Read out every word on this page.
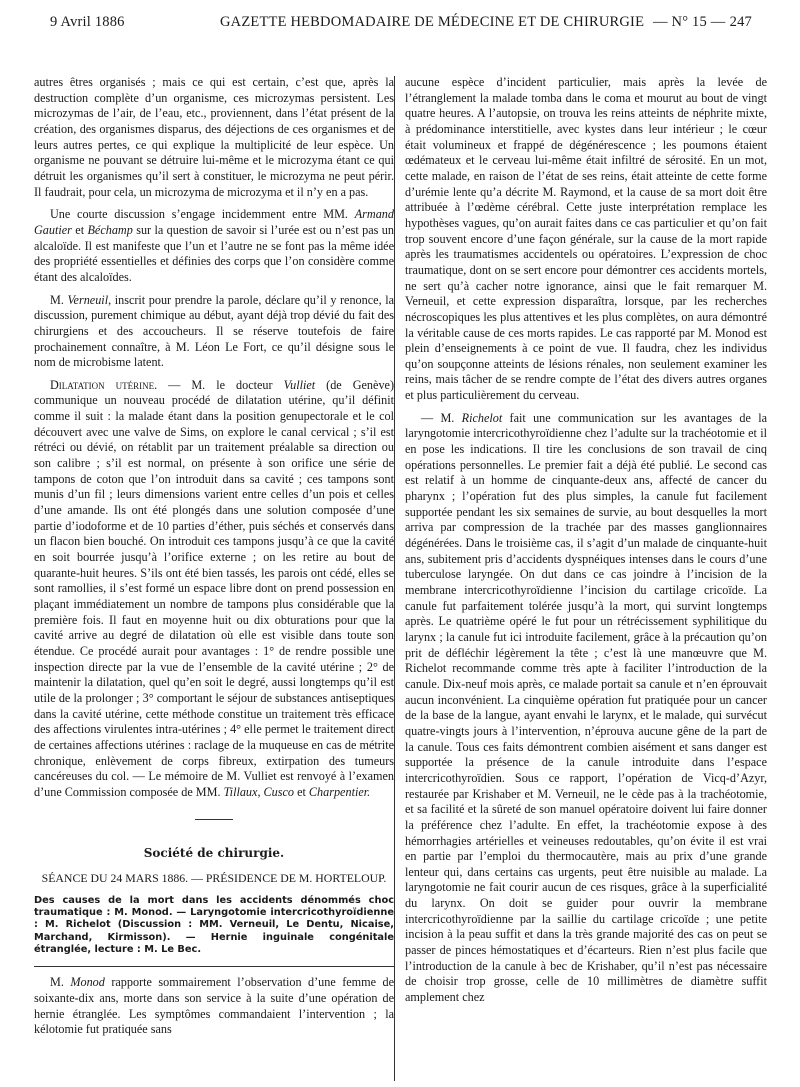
9 Avril 1886	GAZETTE HEBDOMADAIRE DE MÉDECINE ET DE CHIRURGIE — N° 15 — 247

autres êtres organisés ; mais ce qui est certain, c’est que, après la destruction complète d’un organisme, ces microzymas persistent. Les microzymas de l’air, de l’eau, etc., proviennent, dans l’état présent de la création, des organismes disparus, des déjections de ces organismes et de leurs autres pertes, ce qui explique la multiplicité de leur espèce. Un organisme ne pouvant se détruire lui-même et le microzyma étant ce qui détruit les organismes qu’il sert à constituer, le microzyma ne peut périr. Il faudrait, pour cela, un microzyma de microzyma et il n’y en a pas.

Une courte discussion s’engage incidemment entre MM. Armand Gautier et Béchamp sur la question de savoir si l’urée est ou n’est pas un alcaloïde. Il est manifeste que l’un et l’autre ne se font pas la même idée des propriété essentielles et définies des corps que l’on considère comme étant des alcaloïdes.

M. Verneuil, inscrit pour prendre la parole, déclare qu’il y renonce, la discussion, purement chimique au début, ayant déjà trop dévié du fait des chirurgiens et des accoucheurs. Il se réserve toutefois de faire prochainement connaître, à M. Léon Le Fort, ce qu’il désigne sous le nom de microbisme latent.

Dilatation utérine. — M. le docteur Vulliet (de Genève) communique un nouveau procédé de dilatation utérine, qu’il définit comme il suit : la malade étant dans la position genupectorale et le col découvert avec une valve de Sims, on explore le canal cervical ; s’il est rétréci ou dévié, on rétablit par un traitement préalable sa direction ou son calibre ; s’il est normal, on présente à son orifice une série de tampons de coton que l’on introduit dans sa cavité ; ces tampons sont munis d’un fil ; leurs dimensions varient entre celles d’un pois et celles d’une amande. Ils ont été plongés dans une solution composée d’une partie d’iodoforme et de 10 parties d’éther, puis séchés et conservés dans un flacon bien bouché. On introduit ces tampons jusqu’à ce que la cavité en soit bourrée jusqu’à l’orifice externe ; on les retire au bout de quarante-huit heures. S’ils ont été bien tassés, les parois ont cédé, elles se sont ramollies, il s’est formé un espace libre dont on prend possession en plaçant immédiatement un nombre de tampons plus considérable que la première fois. Il faut en moyenne huit ou dix obturations pour que la cavité arrive au degré de dilatation où elle est visible dans toute son étendue. Ce procédé aurait pour avantages : 1° de rendre possible une inspection directe par la vue de l’ensemble de la cavité utérine ; 2° de maintenir la dilatation, quel qu’en soit le degré, aussi longtemps qu’il est utile de la prolonger ; 3° comportant le séjour de substances antiseptiques dans la cavité utérine, cette méthode constitue un traitement très efficace des affections virulentes intra-utérines ; 4° elle permet le traitement direct de certaines affections utérines : raclage de la muqueuse en cas de métrite chronique, enlèvement de corps fibreux, extirpation des tumeurs cancéreuses du col. — Le mémoire de M. Vulliet est renvoyé à l’examen d’une Commission composée de MM. Tillaux, Cusco et Charpentier.

Société de chirurgie.
SÉANCE DU 24 MARS 1886. — PRÉSIDENCE DE M. HORTELOUP.
Des causes de la mort dans les accidents dénommés choc traumatique : M. Monod. — Laryngotomie intercricothyroïdienne : M. Richelot (Discussion : MM. Verneuil, Le Dentu, Nicaise, Marchand, Kirmisson). — Hernie inguinale congénitale étranglée, lecture : M. Le Bec.

M. Monod rapporte sommairement l’observation d’une femme de soixante-dix ans, morte dans son service à la suite d’une opération de hernie étranglée. Les symptômes commandaient l’intervention ; la kélotomie fut pratiquée sans

aucune espèce d’incident particulier, mais après la levée de l’étranglement la malade tomba dans le coma et mourut au bout de vingt quatre heures. A l’autopsie, on trouva les reins atteints de néphrite mixte, à prédominance interstitielle, avec kystes dans leur intérieur ; le cœur était volumineux et frappé de dégénérescence ; les poumons étaient œdémateux et le cerveau lui-même était infiltré de sérosité. En un mot, cette malade, en raison de l’état de ses reins, était atteinte de cette forme d’urémie lente qu’a décrite M. Raymond, et la cause de sa mort doit être attribuée à l’œdème cérébral. Cette juste interprétation remplace les hypothèses vagues, qu’on aurait faites dans ce cas particulier et qu’on fait trop souvent encore d’une façon générale, sur la cause de la mort rapide après les traumatismes accidentels ou opératoires. L’expression de choc traumatique, dont on se sert encore pour démontrer ces accidents mortels, ne sert qu’à cacher notre ignorance, ainsi que le fait remarquer M. Verneuil, et cette expression disparaîtra, lorsque, par les recherches nécroscopiques les plus attentives et les plus complètes, on aura démontré la véritable cause de ces morts rapides. Le cas rapporté par M. Monod est plein d’enseignements à ce point de vue. Il faudra, chez les individus qu’on soupçonne atteints de lésions rénales, non seulement examiner les reins, mais tâcher de se rendre compte de l’état des divers autres organes et plus particulièrement du cerveau.

— M. Richelot fait une communication sur les avantages de la laryngotomie intercricothyroïdienne chez l’adulte sur la trachéotomie et il en pose les indications. Il tire les conclusions de son travail de cinq opérations personnelles. Le premier fait a déjà été publié. Le second cas est relatif à un homme de cinquante-deux ans, affecté de cancer du pharynx ; l’opération fut des plus simples, la canule fut facilement supportée pendant les six semaines de survie, au bout desquelles la mort arriva par compression de la trachée par des masses ganglionnaires dégénérées. Dans le troisième cas, il s’agit d’un malade de cinquante-huit ans, subitement pris d’accidents dyspnéiques intenses dans le cours d’une tuberculose laryngée. On dut dans ce cas joindre à l’incision de la membrane intercricothyroïdienne l’incision du cartilage cricoïde. La canule fut parfaitement tolérée jusqu’à la mort, qui survint longtemps après. Le quatrième opéré le fut pour un rétrécissement syphilitique du larynx ; la canule fut ici introduite facilement, grâce à la précaution qu’on prit de défléchir légèrement la tête ; c’est là une manœuvre que M. Richelot recommande comme très apte à faciliter l’introduction de la canule. Dix-neuf mois après, ce malade portait sa canule et n’en éprouvait aucun inconvénient. La cinquième opération fut pratiquée pour un cancer de la base de la langue, ayant envahi le larynx, et le malade, qui survécut quatre-vingts jours à l’intervention, n’éprouva aucune gêne de la part de la canule. Tous ces faits démontrent combien aisément et sans danger est supportée la présence de la canule introduite dans l’espace intercricothyroïdien. Sous ce rapport, l’opération de Vicq-d’Azyr, restaurée par Krishaber et M. Verneuil, ne le cède pas à la trachéotomie, et sa facilité et la sûreté de son manuel opératoire doivent lui faire donner la préférence chez l’adulte. En effet, la trachéotomie expose à des hémorrhagies artérielles et veineuses redoutables, qu’on évite il est vrai en partie par l’emploi du thermocautère, mais au prix d’une grande lenteur qui, dans certains cas urgents, peut être nuisible au malade. La laryngotomie ne fait courir aucun de ces risques, grâce à la superficialité du larynx. On doit se guider pour ouvrir la membrane intercricothyroïdienne par la saillie du cartilage cricoïde ; une petite incision à la peau suffit et dans la très grande majorité des cas on peut se passer de pinces hémostatiques et d’écarteurs. Rien n’est plus facile que l’introduction de la canule à bec de Krishaber, qu’il n’est pas nécessaire de choisir trop grosse, celle de 10 millimètres de diamètre suffit amplement chez
